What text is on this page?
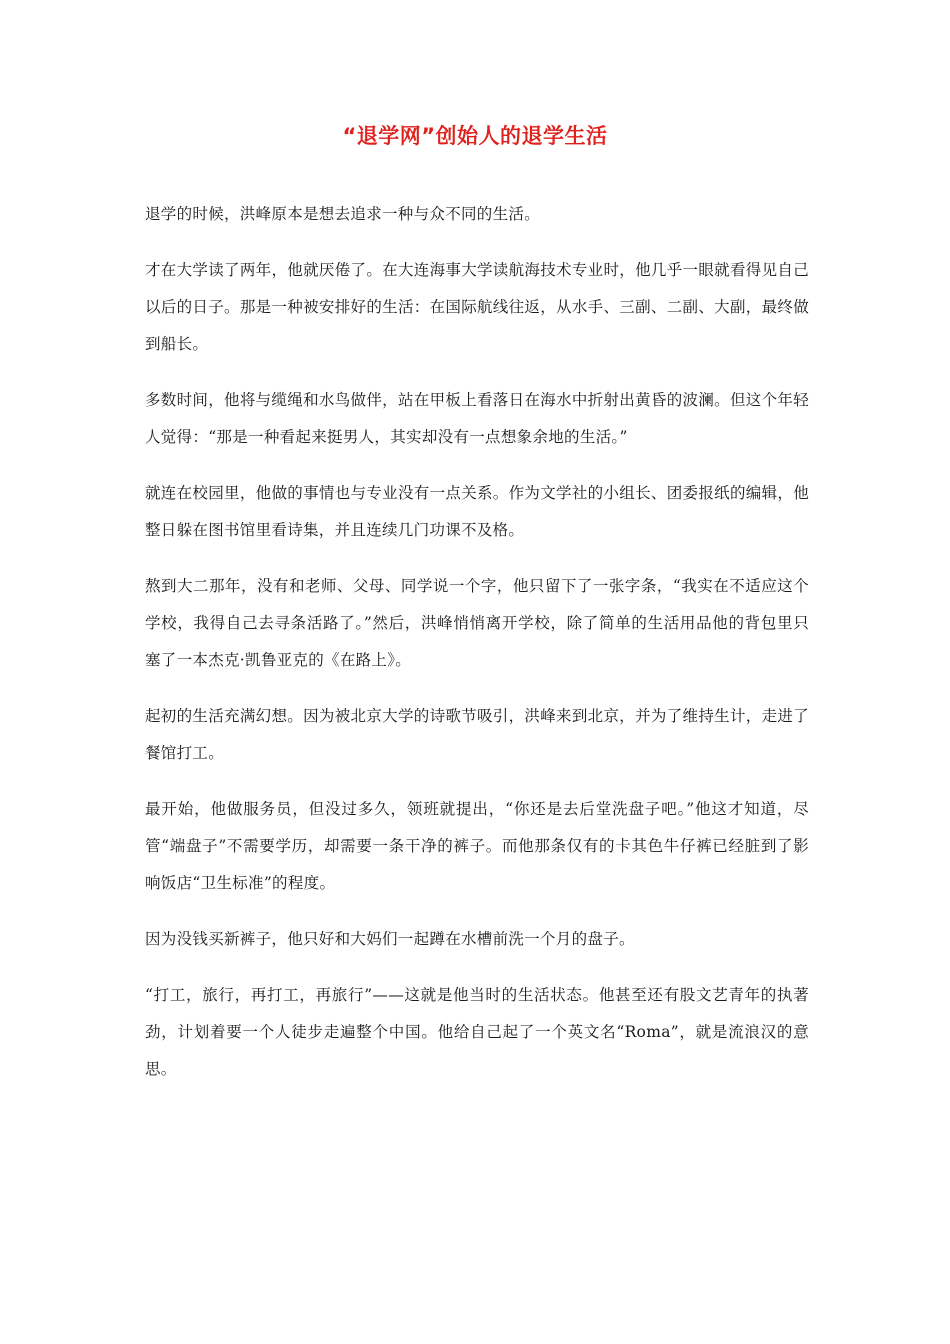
“退学网”创始人的退学生活

退学的时候，洪峰原本是想去追求一种与众不同的生活。

才在大学读了两年，他就厌倦了。在大连海事大学读航海技术专业时，他几乎一眼就看得见自己以后的日子。那是一种被安排好的生活：在国际航线往返，从水手、三副、二副、大副，最终做到船长。

多数时间，他将与缆绳和水鸟做伴，站在甲板上看落日在海水中折射出黄昏的波澜。但这个年轻人觉得：“那是一种看起来挺男人，其实却没有一点想象余地的生活。”

就连在校园里，他做的事情也与专业没有一点关系。作为文学社的小组长、团委报纸的编辑，他整日躲在图书馆里看诗集，并且连续几门功课不及格。

熬到大二那年，没有和老师、父母、同学说一个字，他只留下了一张字条，“我实在不适应这个学校，我得自己去寻条活路了。”然后，洪峰悄悄离开学校，除了简单的生活用品他的背包里只塞了一本杰克·凯鲁亚克的《在路上》。

起初的生活充满幻想。因为被北京大学的诗歌节吸引，洪峰来到北京，并为了维持生计，走进了餐馆打工。

最开始，他做服务员，但没过多久，领班就提出，“你还是去后堂洗盘子吧。”他这才知道，尽管“端盘子”不需要学历，却需要一条干净的裤子。而他那条仅有的卡其色牛仔裤已经脏到了影响饭店“卫生标准”的程度。

因为没钱买新裤子，他只好和大妈们一起蹲在水槽前洗一个月的盘子。

“打工，旅行，再打工，再旅行”——这就是他当时的生活状态。他甚至还有股文艺青年的执著劲，计划着要一个人徒步走遍整个中国。他给自己起了一个英文名“Roma”，就是流浪汉的意思。
